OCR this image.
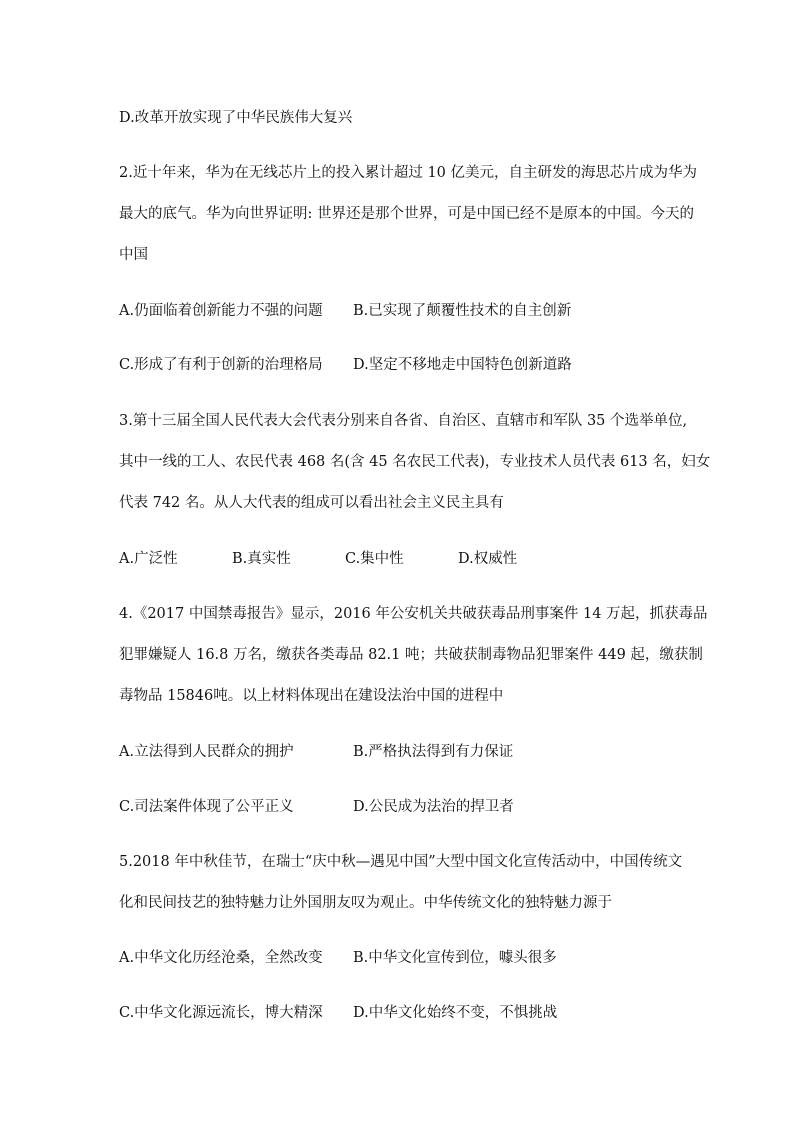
D.改革开放实现了中华民族伟大复兴
2.近十年来，华为在无线芯片上的投入累计超过 10 亿美元，自主研发的海思芯片成为华为
最大的底气。华为向世界证明: 世界还是那个世界，可是中国已经不是原本的中国。今天的
中国
A.仍面临着创新能力不强的问题 B.已实现了颠覆性技术的自主创新
C.形成了有利于创新的治理格局 D.坚定不移地走中国特色创新道路
3.第十三届全国人民代表大会代表分别来自各省、自治区、直辖市和军队 35 个选举单位,
其中一线的工人、农民代表 468 名(含 45 名农民工代表)，专业技术人员代表 613 名，妇女
代表 742 名。从人大代表的组成可以看出社会主义民主具有
A.广泛性	B.真实性	C.集中性	D.权威性
4.《2017 中国禁毒报告》显示，2016 年公安机关共破获毒品刑事案件 14 万起，抓获毒品
犯罪嫌疑人 16.8 万名，缴获各类毒品 82.1 吨；共破获制毒物品犯罪案件 449 起，缴获制
毒物品 15846吨。以上材料体现出在建设法治中国的进程中
A.立法得到人民群众的拥护	B.严格执法得到有力保证
C.司法案件体现了公平正义	D.公民成为法治的捍卫者
5.2018 年中秋佳节，在瑞士“庆中秋—遇见中国”大型中国文化宣传活动中，中国传统文
化和民间技艺的独特魅力让外国朋友叹为观止。中华传统文化的独特魅力源于
A.中华文化历经沧桑，全然改变 B.中华文化宣传到位，噱头很多
C.中华文化源远流长，博大精深 D.中华文化始终不变，不惧挑战
